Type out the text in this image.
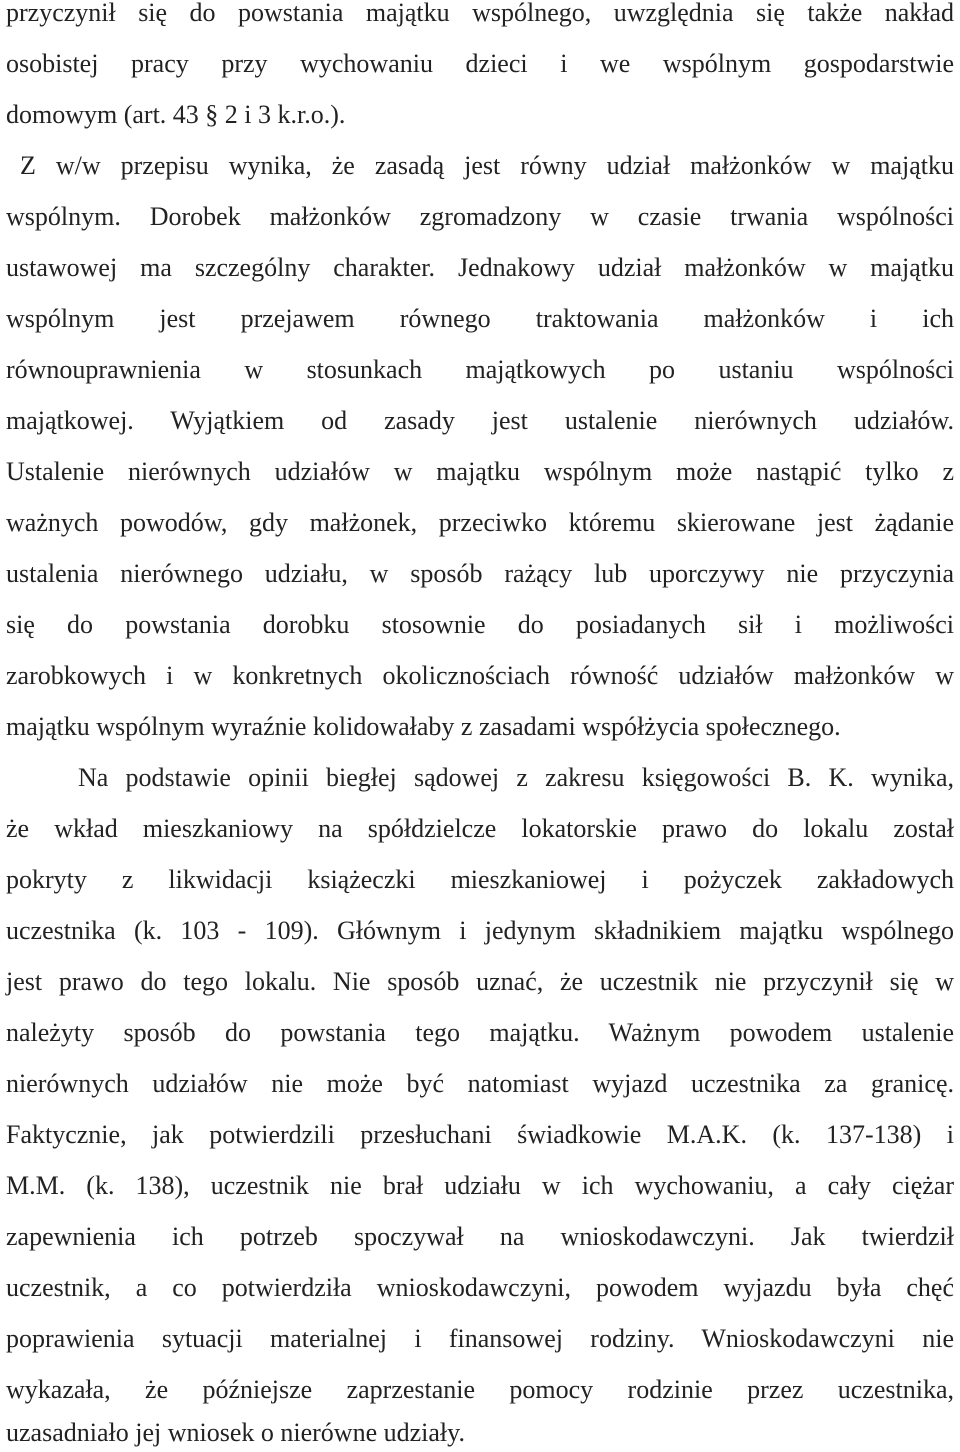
przyczynił się do powstania majątku wspólnego, uwzględnia się także nakład
osobistej pracy przy wychowaniu dzieci i we wspólnym gospodarstwie
domowym (art. 43 § 2 i 3 k.r.o.).
Z w/w przepisu wynika, że zasadą jest równy udział małżonków w majątku
wspólnym. Dorobek małżonków zgromadzony w czasie trwania wspólności
ustawowej ma szczególny charakter. Jednakowy udział małżonków w majątku
wspólnym jest przejawem równego traktowania małżonków i ich
równouprawnienia w stosunkach majątkowych po ustaniu wspólności
majątkowej. Wyjątkiem od zasady jest ustalenie nierównych udziałów.
Ustalenie nierównych udziałów w majątku wspólnym może nastąpić tylko z
ważnych powodów, gdy małżonek, przeciwko któremu skierowane jest żądanie
ustalenia nierównego udziału, w sposób rażący lub uporczywy nie przyczynia
się do powstania dorobku stosownie do posiadanych sił i możliwości
zarobkowych i w konkretnych okolicznościach równość udziałów małżonków w
majątku wspólnym wyraźnie kolidowałaby z zasadami współżycia społecznego.
Na podstawie opinii biegłej sądowej z zakresu księgowości B. K. wynika,
że wkład mieszkaniowy na spółdzielcze lokatorskie prawo do lokalu został
pokryty z likwidacji książeczki mieszkaniowej i pożyczek zakładowych
uczestnika (k. 103 - 109). Głównym i jedynym składnikiem majątku wspólnego
jest prawo do tego lokalu. Nie sposób uznać, że uczestnik nie przyczynił się w
należyty sposób do powstania tego majątku. Ważnym powodem ustalenie
nierównych udziałów nie może być natomiast wyjazd uczestnika za granicę.
Faktycznie, jak potwierdzili przesłuchani świadkowie M.A.K. (k. 137-138) i
M.M. (k. 138), uczestnik nie brał udziału w ich wychowaniu, a cały ciężar
zapewnienia ich potrzeb spoczywał na wnioskodawczyni. Jak twierdził
uczestnik, a co potwierdziła wnioskodawczyni, powodem wyjazdu była chęć
poprawienia sytuacji materialnej i finansowej rodziny. Wnioskodawczyni nie
wykazała, że późniejsze zaprzestanie pomocy rodzinie przez uczestnika,
uzasadniało jej wniosek o nierówne udziały.
